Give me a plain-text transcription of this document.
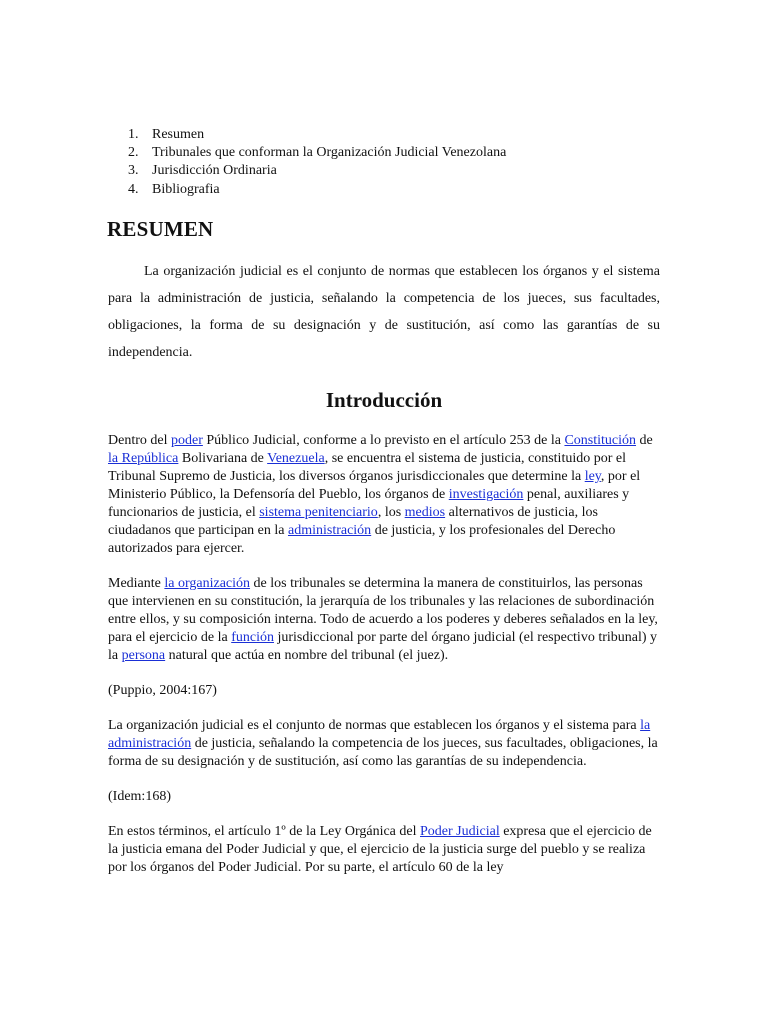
1. Resumen
2. Tribunales que conforman la Organización Judicial Venezolana
3. Jurisdicción Ordinaria
4. Bibliografia
RESUMEN

La organización judicial es el conjunto de normas que establecen los órganos y el sistema para la administración de justicia, señalando la competencia de los jueces, sus facultades, obligaciones, la forma de su designación y de sustitución, así como las garantías de su independencia.

Introducción

Dentro del poder Público Judicial, conforme a lo previsto en el artículo 253 de la Constitución de la República Bolivariana de Venezuela, se encuentra el sistema de justicia, constituido por el Tribunal Supremo de Justicia, los diversos órganos jurisdiccionales que determine la ley, por el Ministerio Público, la Defensoría del Pueblo, los órganos de investigación penal, auxiliares y funcionarios de justicia, el sistema penitenciario, los medios alternativos de justicia, los ciudadanos que participan en la administración de justicia, y los profesionales del Derecho autorizados para ejercer.

Mediante la organización de los tribunales se determina la manera de constituirlos, las personas que intervienen en su constitución, la jerarquía de los tribunales y las relaciones de subordinación entre ellos, y su composición interna. Todo de acuerdo a los poderes y deberes señalados en la ley, para el ejercicio de la función jurisdiccional por parte del órgano judicial (el respectivo tribunal) y la persona natural que actúa en nombre del tribunal (el juez).

(Puppio, 2004:167)

La organización judicial es el conjunto de normas que establecen los órganos y el sistema para la administración de justicia, señalando la competencia de los jueces, sus facultades, obligaciones, la forma de su designación y de sustitución, así como las garantías de su independencia.

(Idem:168)

En estos términos, el artículo 1º de la Ley Orgánica del Poder Judicial expresa que el ejercicio de la justicia emana del Poder Judicial y que, el ejercicio de la justicia surge del pueblo y se realiza por los órganos del Poder Judicial. Por su parte, el artículo 60 de la ley
